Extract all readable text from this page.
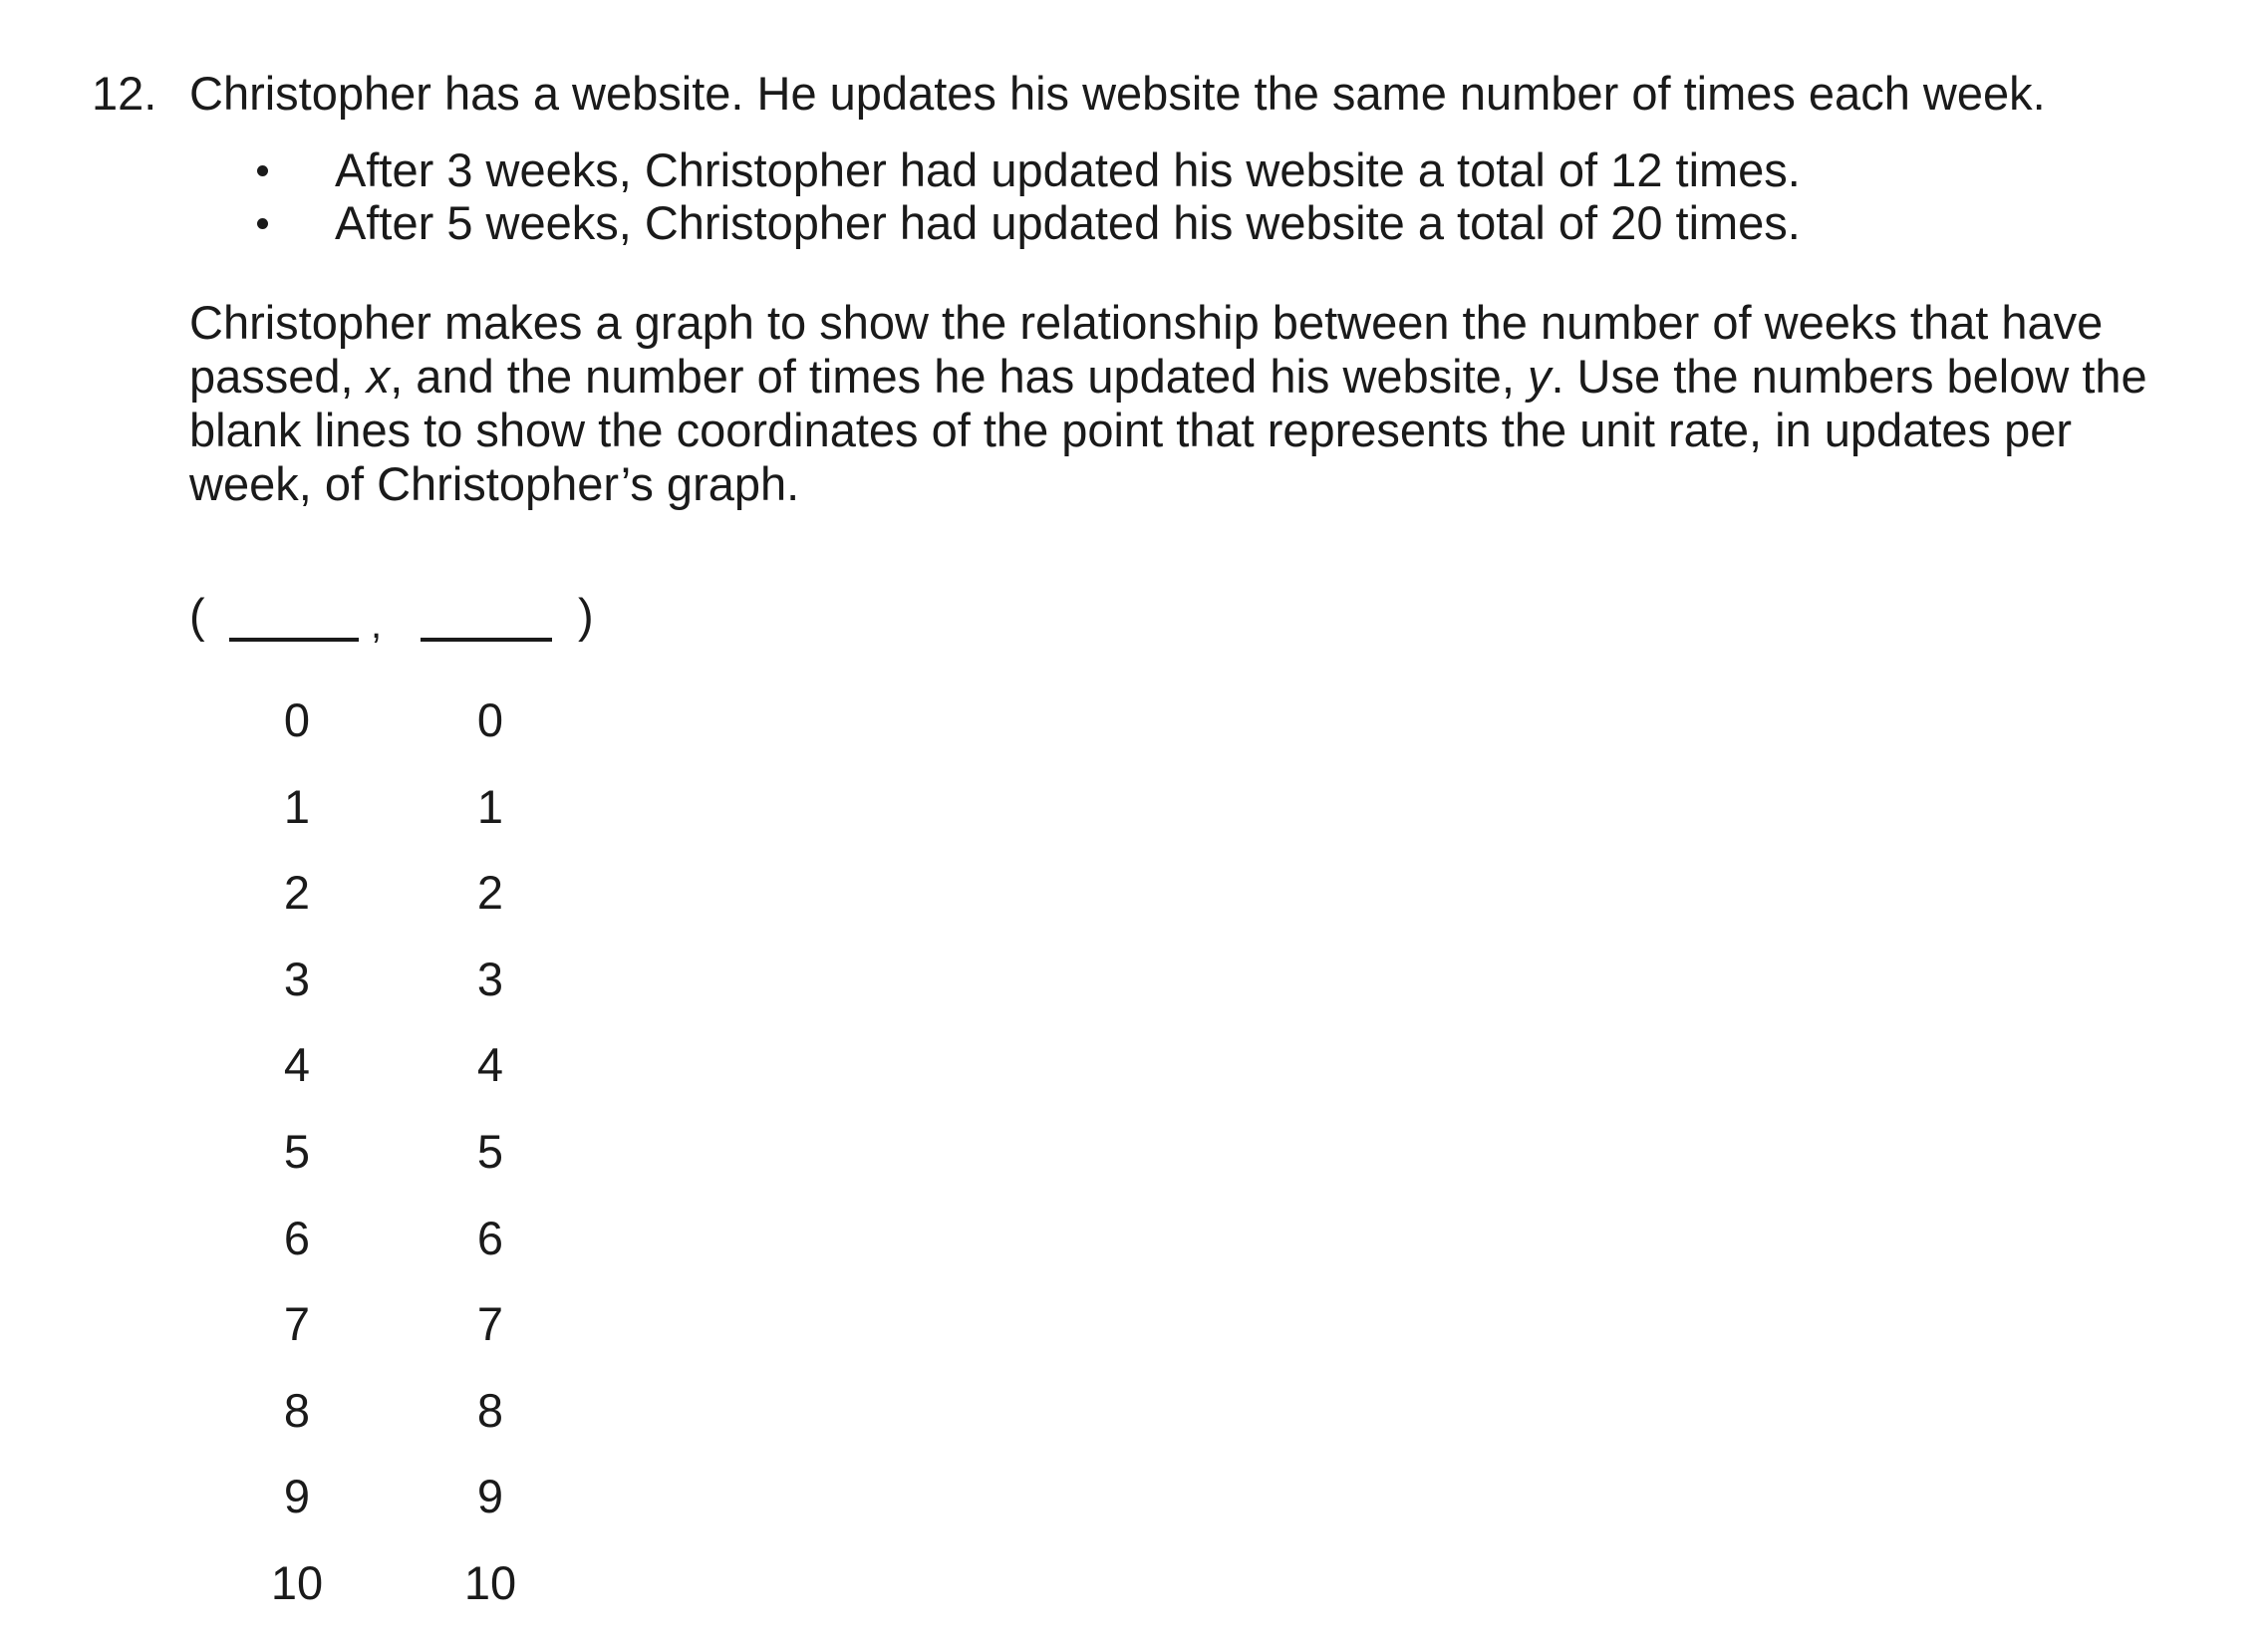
12. Christopher has a website. He updates his website the same number of times each week.
After 3 weeks, Christopher had updated his website a total of 12 times.
After 5 weeks, Christopher had updated his website a total of 20 times.
Christopher makes a graph to show the relationship between the number of weeks that have
passed, x, and the number of times he has updated his website, y. Use the numbers below the
blank lines to show the coordinates of the point that represents the unit rate, in updates per
week, of Christopher’s graph.
(	,	)
0
1
2
3
4
5
6
7
8
9
10
0
1
2
3
4
5
6
7
8
9
10
